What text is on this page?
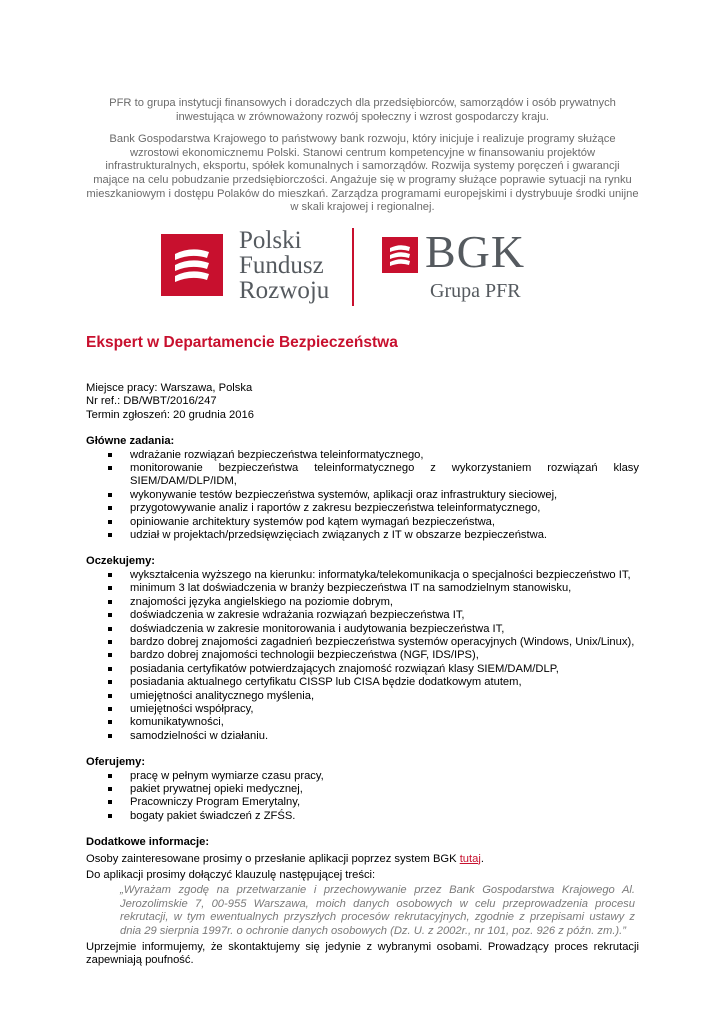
PFR to grupa instytucji finansowych i doradczych dla przedsiębiorców, samorządów i osób prywatnych inwestująca w zrównoważony rozwój społeczny i wzrost gospodarczy kraju.

Bank Gospodarstwa Krajowego to państwowy bank rozwoju, który inicjuje i realizuje programy służące wzrostowi ekonomicznemu Polski. Stanowi centrum kompetencyjne w finansowaniu projektów infrastrukturalnych, eksportu, spółek komunalnych i samorządów. Rozwija systemy poręczeń i gwarancji mające na celu pobudzanie przedsiębiorczości. Angażuje się w programy służące poprawie sytuacji na rynku mieszkaniowym i dostępu Polaków do mieszkań. Zarządza programami europejskimi i dystrybuuje środki unijne w skali krajowej i regionalnej.

Polski
Fundusz
Rozwoju
BGK
Grupa PFR
Ekspert w Departamencie Bezpieczeństwa
Miejsce pracy: Warszawa, Polska
Nr ref.: DB/WBT/2016/247
Termin zgłoszeń: 20 grudnia 2016
Główne zadania:
wdrażanie rozwiązań bezpieczeństwa teleinformatycznego,
monitorowanie bezpieczeństwa teleinformatycznego z wykorzystaniem rozwiązań klasy
SIEM/DAM/DLP/IDM,
wykonywanie testów bezpieczeństwa systemów, aplikacji oraz infrastruktury sieciowej,
przygotowywanie analiz i raportów z zakresu bezpieczeństwa teleinformatycznego,
opiniowanie architektury systemów pod kątem wymagań bezpieczeństwa,
udział w projektach/przedsięwzięciach związanych z IT w obszarze bezpieczeństwa.
Oczekujemy:
wykształcenia wyższego na kierunku: informatyka/telekomunikacja o specjalności bezpieczeństwo IT,
minimum 3 lat doświadczenia w branży bezpieczeństwa IT na samodzielnym stanowisku,
znajomości języka angielskiego na poziomie dobrym,
doświadczenia w zakresie wdrażania rozwiązań bezpieczeństwa IT,
doświadczenia w zakresie monitorowania i audytowania bezpieczeństwa IT,
bardzo dobrej znajomości zagadnień bezpieczeństwa systemów operacyjnych (Windows, Unix/Linux),
bardzo dobrej znajomości technologii bezpieczeństwa (NGF, IDS/IPS),
posiadania certyfikatów potwierdzających znajomość rozwiązań klasy SIEM/DAM/DLP,
posiadania aktualnego certyfikatu CISSP lub CISA będzie dodatkowym atutem,
umiejętności analitycznego myślenia,
umiejętności współpracy,
komunikatywności,
samodzielności w działaniu.
Oferujemy:
pracę w pełnym wymiarze czasu pracy,
pakiet prywatnej opieki medycznej,
Pracowniczy Program Emerytalny,
bogaty pakiet świadczeń z ZFŚS.
Dodatkowe informacje:
Osoby zainteresowane prosimy o przesłanie aplikacji poprzez system BGK tutaj.
Do aplikacji prosimy dołączyć klauzulę następującej treści:
„Wyrażam zgodę na przetwarzanie i przechowywanie przez Bank Gospodarstwa Krajowego Al. Jerozolimskie 7, 00-955 Warszawa, moich danych osobowych w celu przeprowadzenia procesu rekrutacji, w tym ewentualnych przyszłych procesów rekrutacyjnych, zgodnie z przepisami ustawy z dnia 29 sierpnia 1997r. o ochronie danych osobowych (Dz. U. z 2002r., nr 101, poz. 926 z późn. zm.).”
Uprzejmie informujemy, że skontaktujemy się jedynie z wybranymi osobami. Prowadzący proces rekrutacji zapewniają poufność.
